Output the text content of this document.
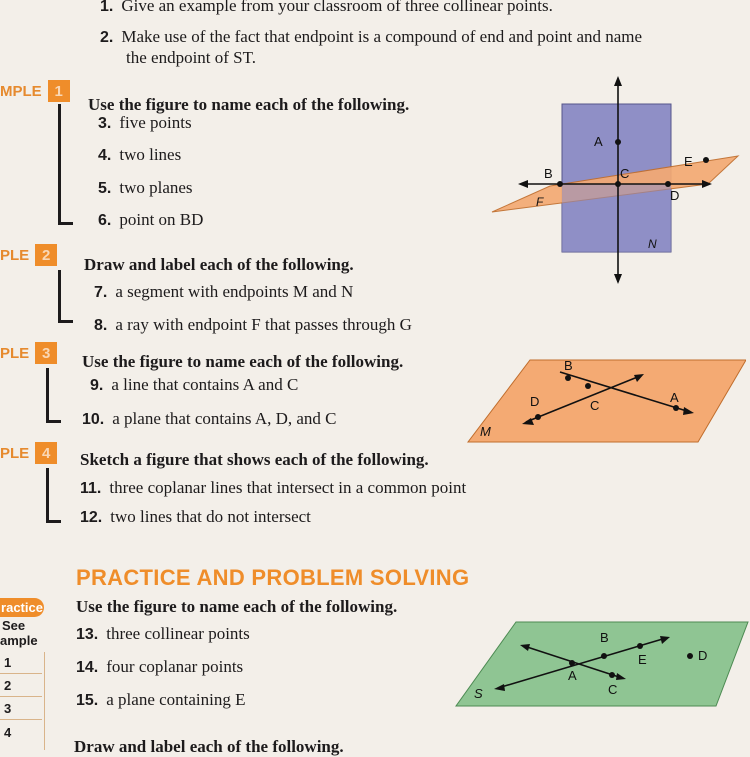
1. Give an example from your classroom of three collinear points.
2. Make use of the fact that endpoint is a compound of end and point and name
the endpoint of ST.
MPLE 1
Use the figure to name each of the following.
3. five points
4. two lines
5. two planes
6. point on BD
PLE 2	Draw and label each of the following.
7. a segment with endpoints M and N
8. a ray with endpoint F that passes through G
PLE 3	Use the figure to name each of the following.
9. a line that contains A and C
10. a plane that contains A, D, and C
PLE 4	Sketch a figure that shows each of the following.
11. three coplanar lines that intersect in a common point
12. two lines that do not intersect
PRACTICE AND PROBLEM SOLVING
ractice
See
ample
1
2
3
4
Use the figure to name each of the following.
13. three collinear points
14. four coplanar points
15. a plane containing E
Draw and label each of the following.
A
B	C
D
E
F
N
B
D	C
A
M
B
E	D
A
C
S
